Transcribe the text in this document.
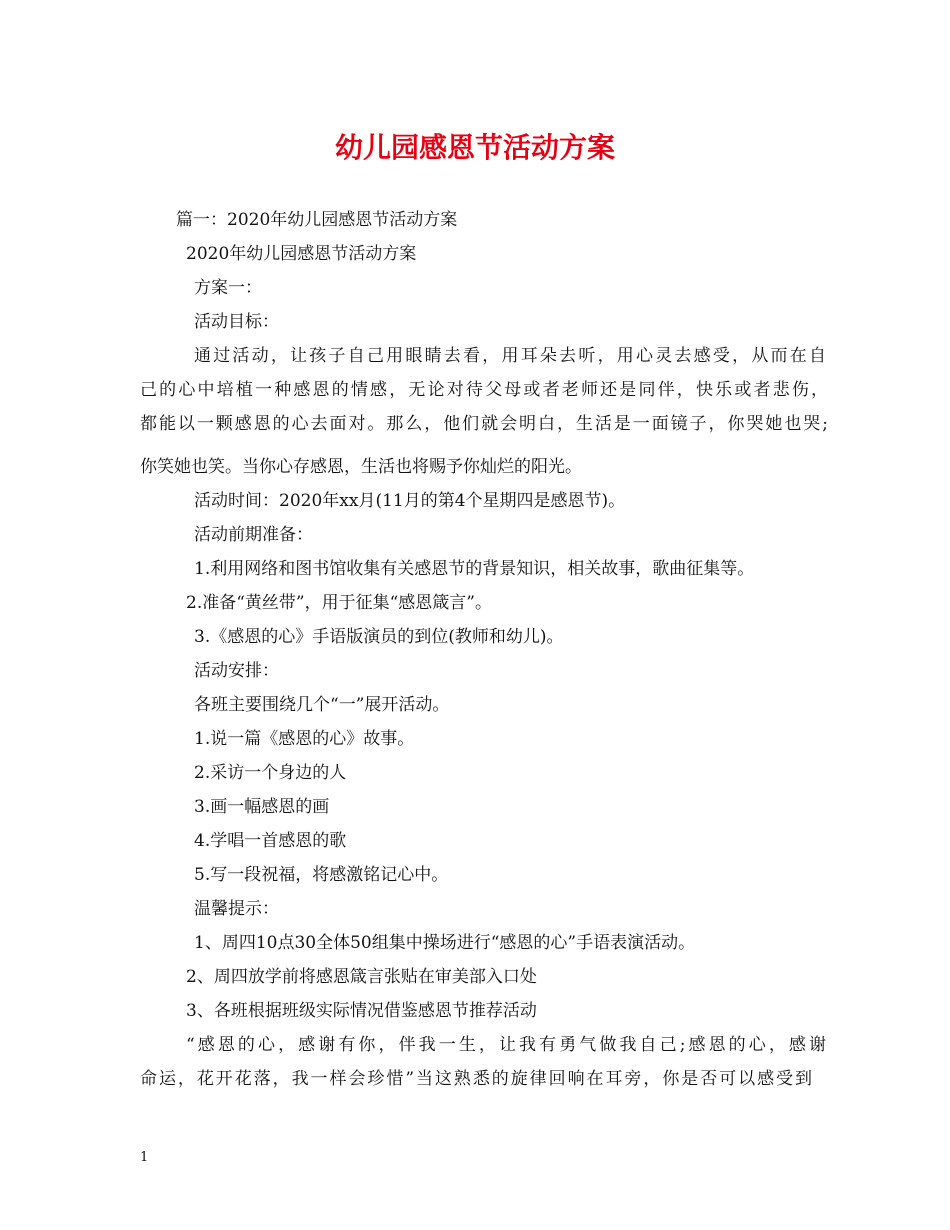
幼儿园感恩节活动方案

篇一：2020年幼儿园感恩节活动方案

2020年幼儿园感恩节活动方案

方案一：

活动目标：

通过活动，让孩子自己用眼睛去看，用耳朵去听，用心灵去感受，从而在自

己的心中培植一种感恩的情感，无论对待父母或者老师还是同伴，快乐或者悲伤，

都能以一颗感恩的心去面对。那么，他们就会明白，生活是一面镜子，你哭她也哭;

你笑她也笑。当你心存感恩，生活也将赐予你灿烂的阳光。

活动时间：2020年xx月(11月的第4个星期四是感恩节)。

活动前期准备：

1.利用网络和图书馆收集有关感恩节的背景知识，相关故事，歌曲征集等。

2.准备“黄丝带”，用于征集“感恩箴言”。

3.《感恩的心》手语版演员的到位(教师和幼儿)。

活动安排：

各班主要围绕几个“一”展开活动。

1.说一篇《感恩的心》故事。

2.采访一个身边的人

3.画一幅感恩的画

4.学唱一首感恩的歌

5.写一段祝福，将感激铭记心中。

温馨提示：

1、周四10点30全体50组集中操场进行“感恩的心”手语表演活动。

2、周四放学前将感恩箴言张贴在审美部入口处

3、各班根据班级实际情况借鉴感恩节推荐活动

“感恩的心，感谢有你，伴我一生，让我有勇气做我自己;感恩的心，感谢

命运，花开花落，我一样会珍惜”当这熟悉的旋律回响在耳旁，你是否可以感受到

1
